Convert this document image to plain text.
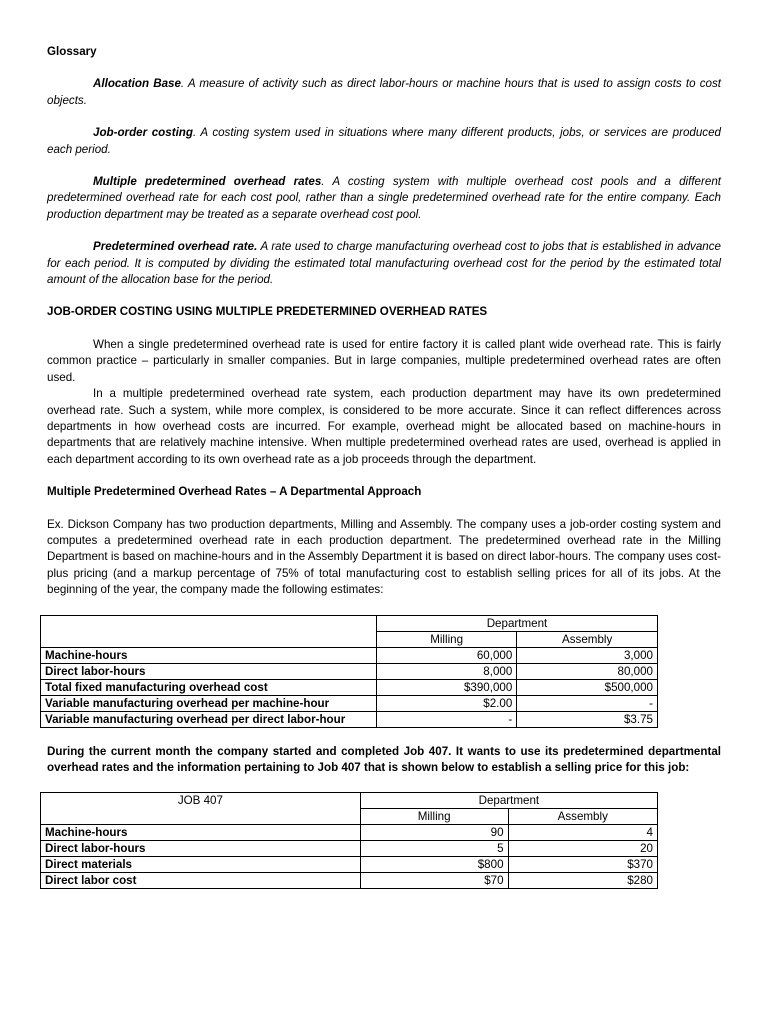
Glossary

Allocation Base. A measure of activity such as direct labor-hours or machine hours that is used to assign costs to cost objects.

Job-order costing. A costing system used in situations where many different products, jobs, or services are produced each period.

Multiple predetermined overhead rates. A costing system with multiple overhead cost pools and a different predetermined overhead rate for each cost pool, rather than a single predetermined overhead rate for the entire company. Each production department may be treated as a separate overhead cost pool.

Predetermined overhead rate. A rate used to charge manufacturing overhead cost to jobs that is established in advance for each period. It is computed by dividing the estimated total manufacturing overhead cost for the period by the estimated total amount of the allocation base for the period.

JOB-ORDER COSTING USING MULTIPLE PREDETERMINED OVERHEAD RATES

When a single predetermined overhead rate is used for entire factory it is called plant wide overhead rate. This is fairly common practice – particularly in smaller companies. But in large companies, multiple predetermined overhead rates are often used.

In a multiple predetermined overhead rate system, each production department may have its own predetermined overhead rate. Such a system, while more complex, is considered to be more accurate. Since it can reflect differences across departments in how overhead costs are incurred. For example, overhead might be allocated based on machine-hours in departments that are relatively machine intensive. When multiple predetermined overhead rates are used, overhead is applied in each department according to its own overhead rate as a job proceeds through the department.

Multiple Predetermined Overhead Rates – A Departmental Approach

Ex. Dickson Company has two production departments, Milling and Assembly. The company uses a job-order costing system and computes a predetermined overhead rate in each production department. The predetermined overhead rate in the Milling Department is based on machine-hours and in the Assembly Department it is based on direct labor-hours. The company uses cost-plus pricing (and a markup percentage of 75% of total manufacturing cost to establish selling prices for all of its jobs. At the beginning of the year, the company made the following estimates:

	Department	
	Milling	Assembly
Machine-hours	60,000	3,000
Direct labor-hours	8,000	80,000
Total fixed manufacturing overhead cost	$390,000	$500,000
Variable manufacturing overhead per machine-hour	$2.00	-
Variable manufacturing overhead per direct labor-hour	-	$3.75

During the current month the company started and completed Job 407. It wants to use its predetermined departmental overhead rates and the information pertaining to Job 407 that is shown below to establish a selling price for this job:

JOB 407	Department	
	Milling	Assembly
Machine-hours	90	4
Direct labor-hours	5	20
Direct materials	$800	$370
Direct labor cost	$70	$280
